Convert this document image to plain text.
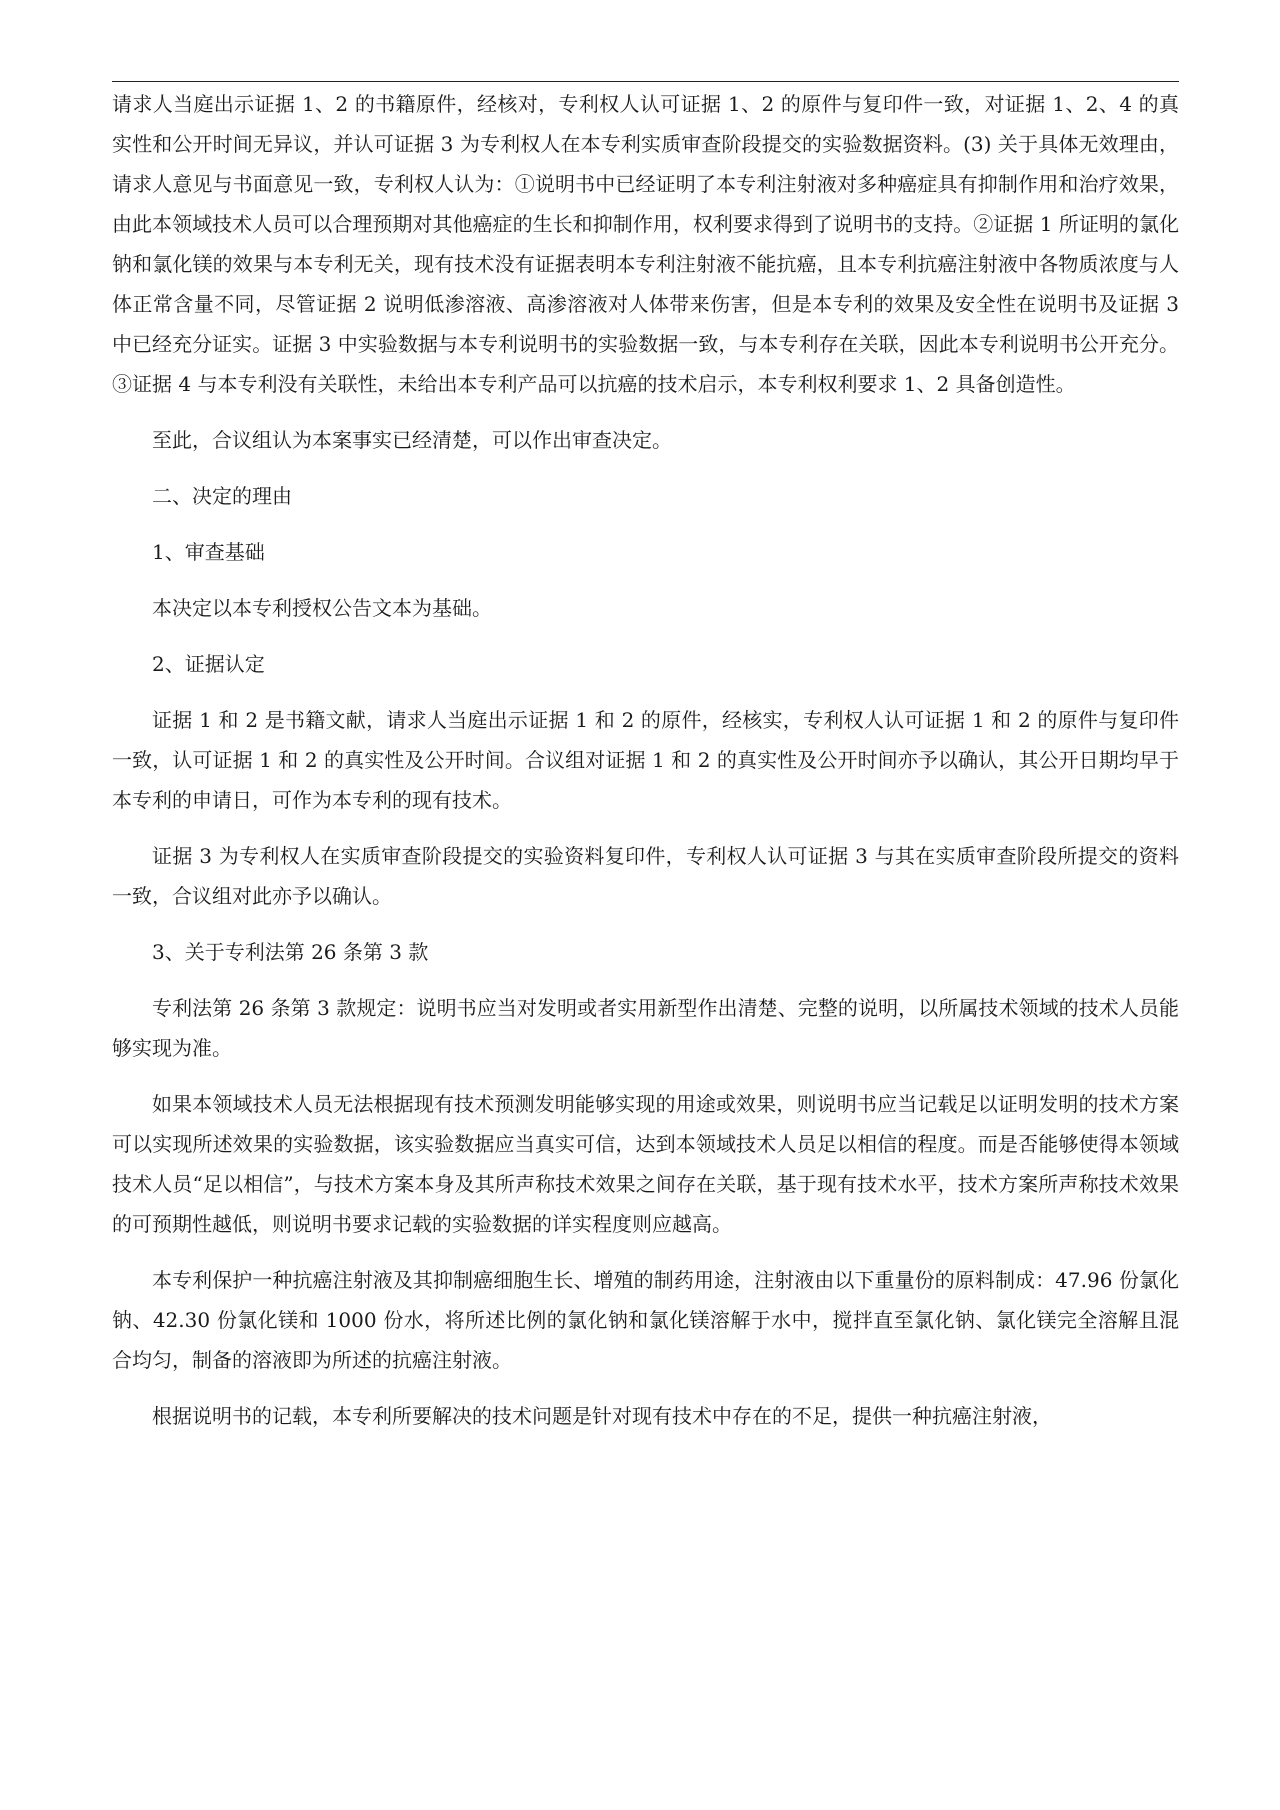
请求人当庭出示证据 1、2 的书籍原件，经核对，专利权人认可证据 1、2 的原件与复印件一致，对证据 1、2、4 的真实性和公开时间无异议，并认可证据 3 为专利权人在本专利实质审查阶段提交的实验数据资料。(3) 关于具体无效理由，请求人意见与书面意见一致，专利权人认为：①说明书中已经证明了本专利注射液对多种癌症具有抑制作用和治疗效果，由此本领域技术人员可以合理预期对其他癌症的生长和抑制作用，权利要求得到了说明书的支持。②证据 1 所证明的氯化钠和氯化镁的效果与本专利无关，现有技术没有证据表明本专利注射液不能抗癌，且本专利抗癌注射液中各物质浓度与人体正常含量不同，尽管证据 2 说明低渗溶液、高渗溶液对人体带来伤害，但是本专利的效果及安全性在说明书及证据 3 中已经充分证实。证据 3 中实验数据与本专利说明书的实验数据一致，与本专利存在关联，因此本专利说明书公开充分。③证据 4 与本专利没有关联性，未给出本专利产品可以抗癌的技术启示，本专利权利要求 1、2 具备创造性。

至此，合议组认为本案事实已经清楚，可以作出审查决定。

二、决定的理由

1、审查基础

本决定以本专利授权公告文本为基础。

2、证据认定

证据 1 和 2 是书籍文献，请求人当庭出示证据 1 和 2 的原件，经核实，专利权人认可证据 1 和 2 的原件与复印件一致，认可证据 1 和 2 的真实性及公开时间。合议组对证据 1 和 2 的真实性及公开时间亦予以确认，其公开日期均早于本专利的申请日，可作为本专利的现有技术。

证据 3 为专利权人在实质审查阶段提交的实验资料复印件，专利权人认可证据 3 与其在实质审查阶段所提交的资料一致，合议组对此亦予以确认。

3、关于专利法第 26 条第 3 款

专利法第 26 条第 3 款规定：说明书应当对发明或者实用新型作出清楚、完整的说明，以所属技术领域的技术人员能够实现为准。

如果本领域技术人员无法根据现有技术预测发明能够实现的用途或效果，则说明书应当记载足以证明发明的技术方案可以实现所述效果的实验数据，该实验数据应当真实可信，达到本领域技术人员足以相信的程度。而是否能够使得本领域技术人员“足以相信”，与技术方案本身及其所声称技术效果之间存在关联，基于现有技术水平，技术方案所声称技术效果的可预期性越低，则说明书要求记载的实验数据的详实程度则应越高。

本专利保护一种抗癌注射液及其抑制癌细胞生长、增殖的制药用途，注射液由以下重量份的原料制成：47.96 份氯化钠、42.30 份氯化镁和 1000 份水，将所述比例的氯化钠和氯化镁溶解于水中，搅拌直至氯化钠、氯化镁完全溶解且混合均匀，制备的溶液即为所述的抗癌注射液。

根据说明书的记载，本专利所要解决的技术问题是针对现有技术中存在的不足，提供一种抗癌注射液，
